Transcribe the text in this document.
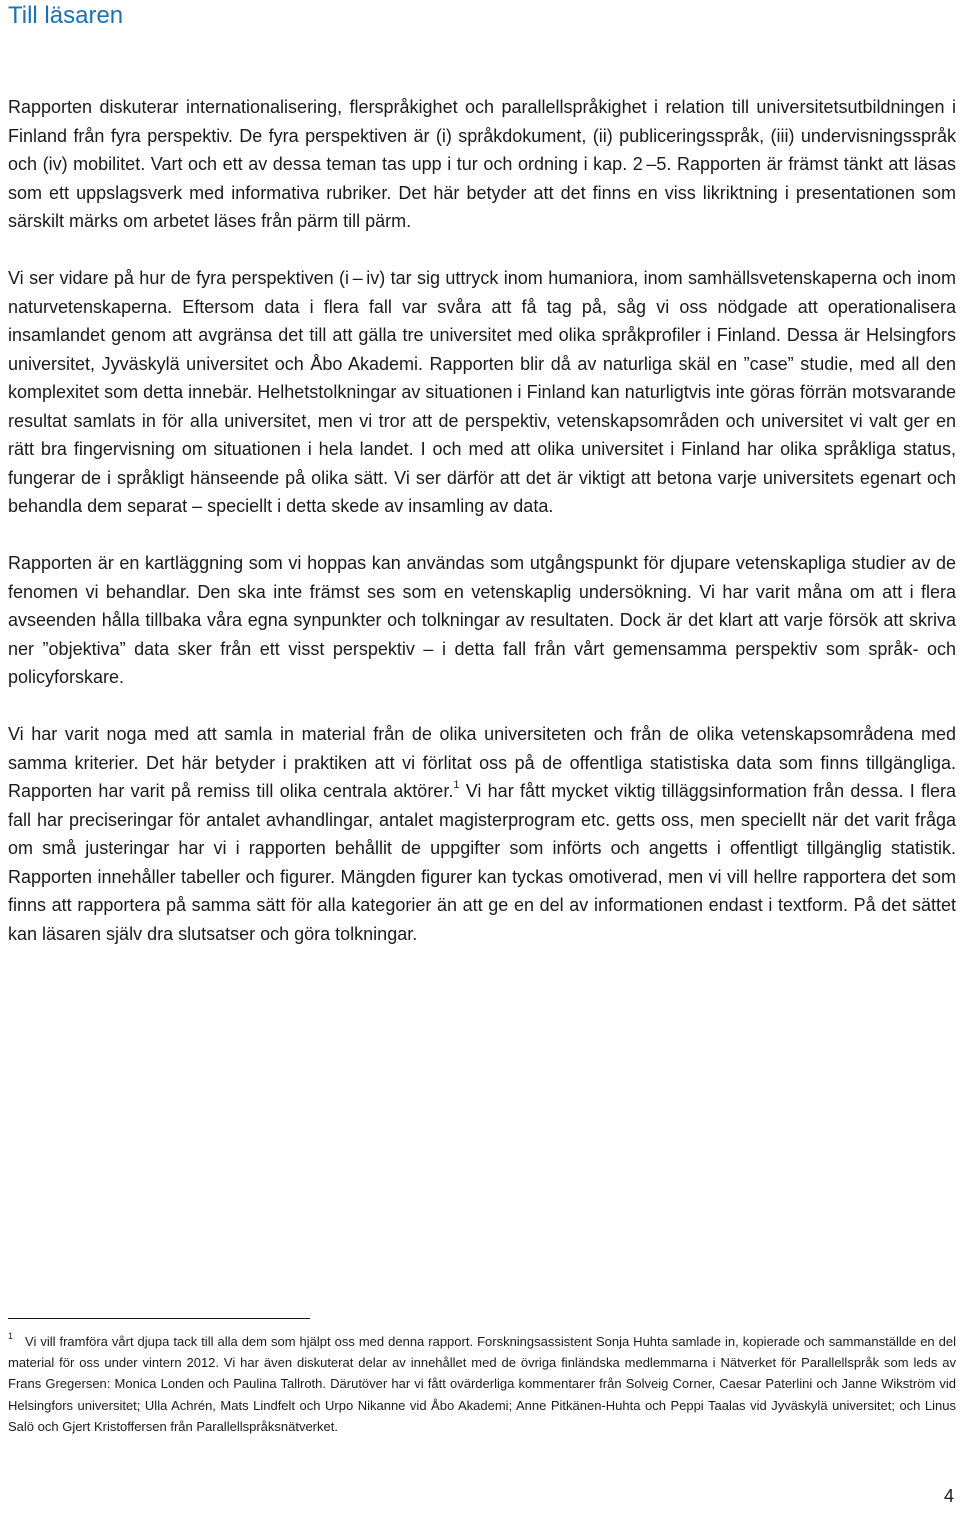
Till läsaren

Rapporten diskuterar internationalisering, flerspråkighet och parallellspråkighet i relation till universitetsutbildningen i Finland från fyra perspektiv. De fyra perspektiven är (i) språkdokument, (ii) publiceringsspråk, (iii) undervisningsspråk och (iv) mobilitet. Vart och ett av dessa teman tas upp i tur och ordning i kap. 2 –5. Rapporten är främst tänkt att läsas som ett uppslagsverk med informativa rubriker. Det här betyder att det finns en viss likriktning i presentationen som särskilt märks om arbetet läses från pärm till pärm.

Vi ser vidare på hur de fyra perspektiven (i – iv) tar sig uttryck inom humaniora, inom samhällsvetenskaperna och inom naturvetenskaperna. Eftersom data i flera fall var svåra att få tag på, såg vi oss nödgade att operationalisera insamlandet genom att avgränsa det till att gälla tre universitet med olika språkprofiler i Finland. Dessa är Helsingfors universitet, Jyväskylä universitet och Åbo Akademi. Rapporten blir då av naturliga skäl en ”case” studie, med all den komplexitet som detta innebär. Helhetstolkningar av situationen i Finland kan naturligtvis inte göras förrän motsvarande resultat samlats in för alla universitet, men vi tror att de perspektiv, vetenskapsområden och universitet vi valt ger en rätt bra fingervisning om situationen i hela landet. I och med att olika universitet i Finland har olika språkliga status, fungerar de i språkligt hänseende på olika sätt. Vi ser därför att det är viktigt att betona varje universitets egenart och behandla dem separat – speciellt i detta skede av insamling av data.

Rapporten är en kartläggning som vi hoppas kan användas som utgångspunkt för djupare vetenskapliga studier av de fenomen vi behandlar. Den ska inte främst ses som en vetenskaplig undersökning. Vi har varit måna om att i flera avseenden hålla tillbaka våra egna synpunkter och tolkningar av resultaten. Dock är det klart att varje försök att skriva ner ”objektiva” data sker från ett visst perspektiv – i detta fall från vårt gemensamma perspektiv som språk- och policyforskare.

Vi har varit noga med att samla in material från de olika universiteten och från de olika vetenskapsområdena med samma kriterier. Det här betyder i praktiken att vi förlitat oss på de offentliga statistiska data som finns tillgängliga. Rapporten har varit på remiss till olika centrala aktörer.$^1$ Vi har fått mycket viktig tilläggsinformation från dessa. I flera fall har preciseringar för antalet avhandlingar, antalet magisterprogram etc. getts oss, men speciellt när det varit fråga om små justeringar har vi i rapporten behållit de uppgifter som införts och angetts i offentligt tillgänglig statistik. Rapporten innehåller tabeller och figurer. Mängden figurer kan tyckas omotiverad, men vi vill hellre rapportera det som finns att rapportera på samma sätt för alla kategorier än att ge en del av informationen endast i textform. På det sättet kan läsaren själv dra slutsatser och göra tolkningar.

$^1$ Vi vill framföra vårt djupa tack till alla dem som hjälpt oss med denna rapport. Forskningsassistent Sonja Huhta samlade in, kopierade och sammanställde en del material för oss under vintern 2012. Vi har även diskuterat delar av innehållet med de övriga finländska medlemmarna i Nätverket för Parallellspråk som leds av Frans Gregersen: Monica Londen och Paulina Tallroth. Därutöver har vi fått ovärderliga kommentarer från Solveig Corner, Caesar Paterlini och Janne Wikström vid Helsingfors universitet; Ulla Achrén, Mats Lindfelt och Urpo Nikanne vid Åbo Akademi; Anne Pitkänen-Huhta och Peppi Taalas vid Jyväskylä universitet; och Linus Salö och Gjert Kristoffersen från Parallellspråksnätverket.

4
